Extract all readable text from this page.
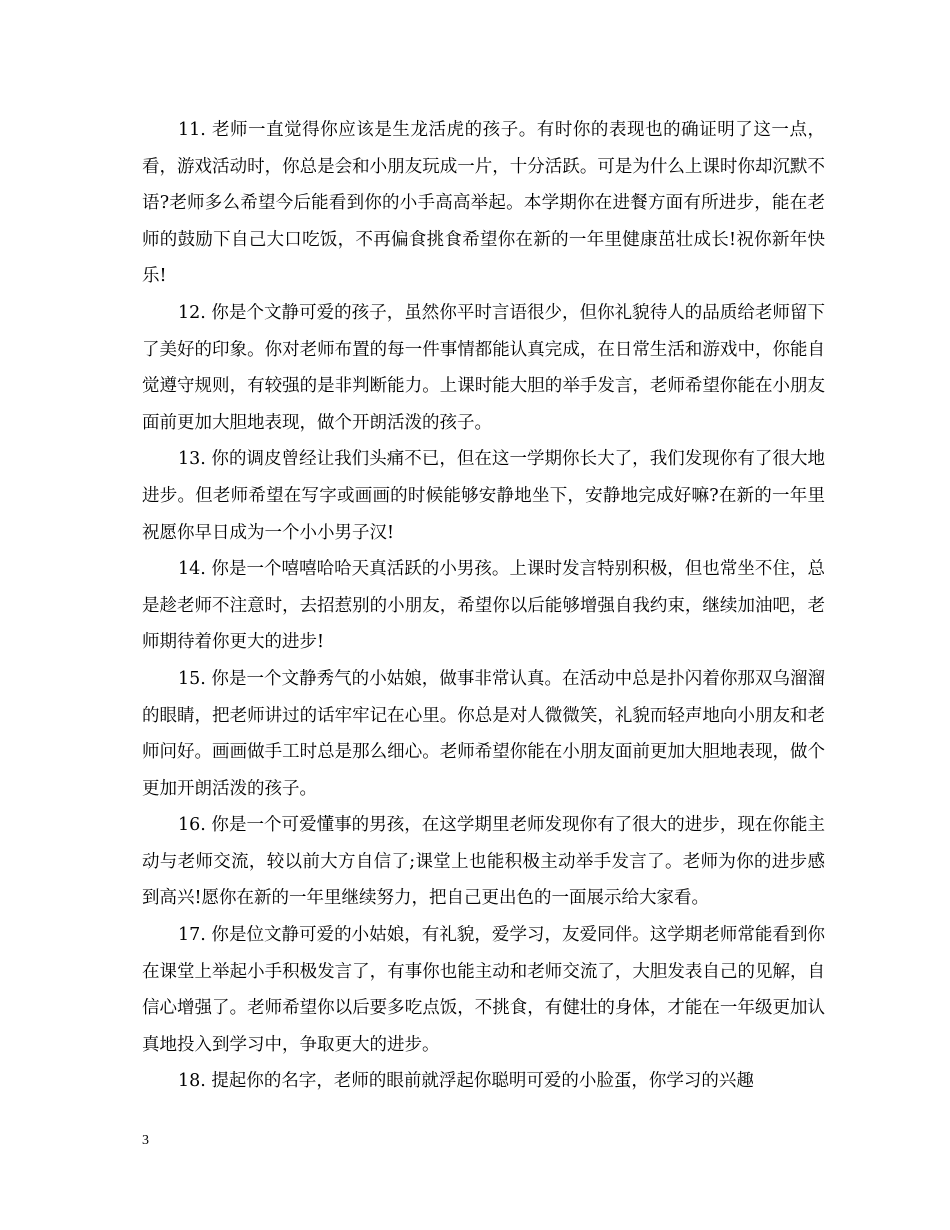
11. 老师一直觉得你应该是生龙活虎的孩子。有时你的表现也的确证明了这一点，看，游戏活动时，你总是会和小朋友玩成一片，十分活跃。可是为什么上课时你却沉默不语?老师多么希望今后能看到你的小手高高举起。本学期你在进餐方面有所进步，能在老师的鼓励下自己大口吃饭，不再偏食挑食希望你在新的一年里健康茁壮成长!祝你新年快乐!

12. 你是个文静可爱的孩子，虽然你平时言语很少，但你礼貌待人的品质给老师留下了美好的印象。你对老师布置的每一件事情都能认真完成，在日常生活和游戏中，你能自觉遵守规则，有较强的是非判断能力。上课时能大胆的举手发言，老师希望你能在小朋友面前更加大胆地表现，做个开朗活泼的孩子。

13. 你的调皮曾经让我们头痛不已，但在这一学期你长大了，我们发现你有了很大地进步。但老师希望在写字或画画的时候能够安静地坐下，安静地完成好嘛?在新的一年里祝愿你早日成为一个小小男子汉!

14. 你是一个嘻嘻哈哈天真活跃的小男孩。上课时发言特别积极，但也常坐不住，总是趁老师不注意时，去招惹别的小朋友，希望你以后能够增强自我约束，继续加油吧，老师期待着你更大的进步!

15. 你是一个文静秀气的小姑娘，做事非常认真。在活动中总是扑闪着你那双乌溜溜的眼睛，把老师讲过的话牢牢记在心里。你总是对人微微笑，礼貌而轻声地向小朋友和老师问好。画画做手工时总是那么细心。老师希望你能在小朋友面前更加大胆地表现，做个更加开朗活泼的孩子。

16. 你是一个可爱懂事的男孩，在这学期里老师发现你有了很大的进步，现在你能主动与老师交流，较以前大方自信了;课堂上也能积极主动举手发言了。老师为你的进步感到高兴!愿你在新的一年里继续努力，把自己更出色的一面展示给大家看。

17. 你是位文静可爱的小姑娘，有礼貌，爱学习，友爱同伴。这学期老师常能看到你在课堂上举起小手积极发言了，有事你也能主动和老师交流了，大胆发表自己的见解，自信心增强了。老师希望你以后要多吃点饭，不挑食，有健壮的身体，才能在一年级更加认真地投入到学习中，争取更大的进步。

18. 提起你的名字，老师的眼前就浮起你聪明可爱的小脸蛋，你学习的兴趣

3
